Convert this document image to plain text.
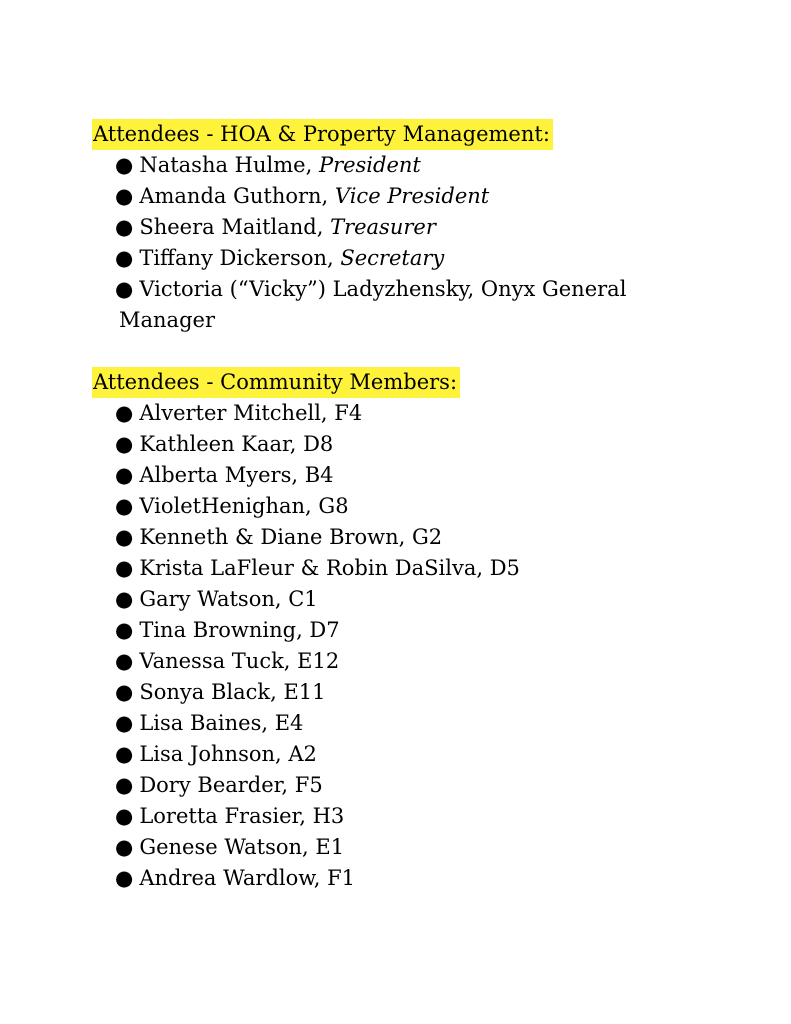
Attendees - HOA & Property Management:
● Natasha Hulme, President
● Amanda Guthorn, Vice President
● Sheera Maitland, Treasurer
● Tiffany Dickerson, Secretary
● Victoria (“Vicky”) Ladyzhensky, Onyx General
Manager
Attendees - Community Members:
● Alverter Mitchell, F4
● Kathleen Kaar, D8
● Alberta Myers, B4
● VioletHenighan, G8
● Kenneth & Diane Brown, G2
● Krista LaFleur & Robin DaSilva, D5
● Gary Watson, C1
● Tina Browning, D7
● Vanessa Tuck, E12
● Sonya Black, E11
● Lisa Baines, E4
● Lisa Johnson, A2
● Dory Bearder, F5
● Loretta Frasier, H3
● Genese Watson, E1
● Andrea Wardlow, F1
